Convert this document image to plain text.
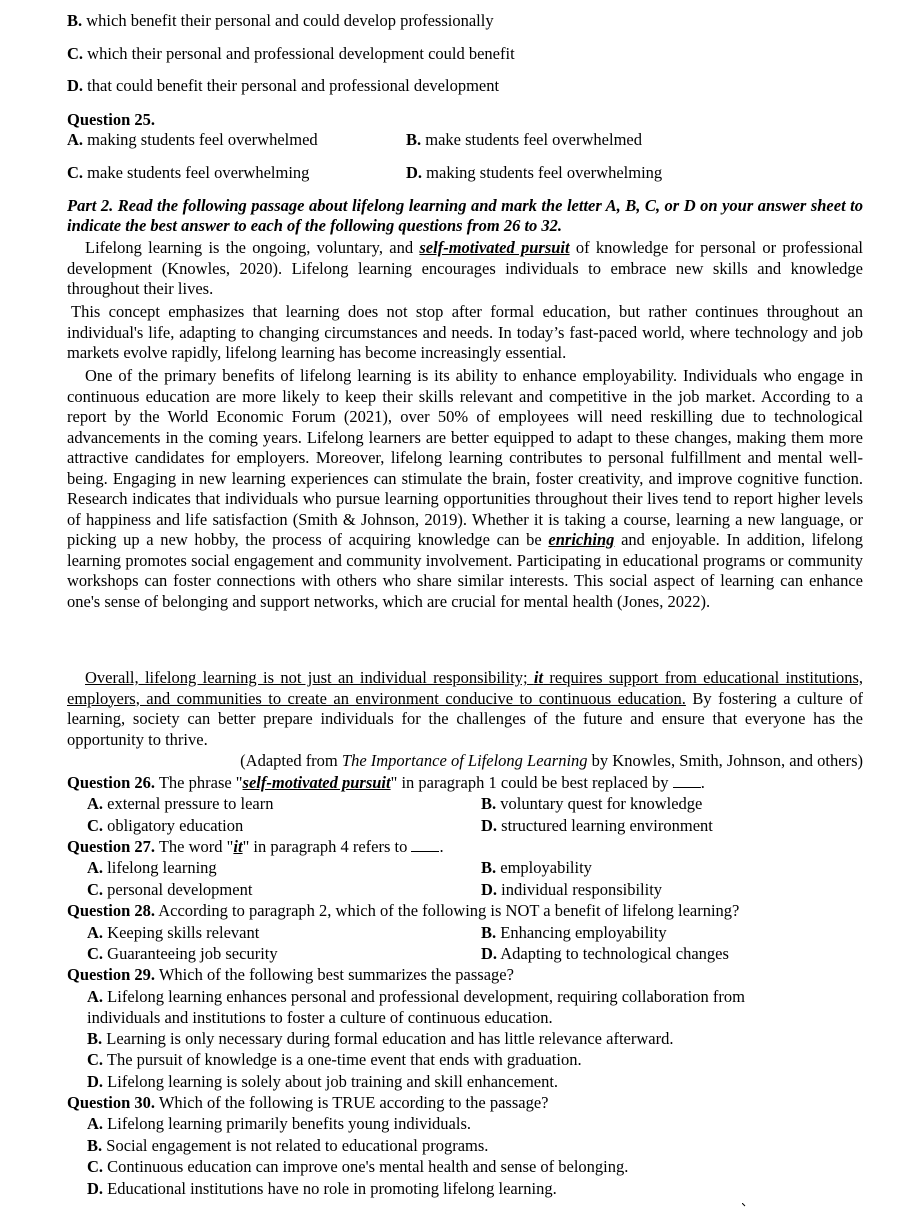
B. which benefit their personal and could develop professionally
C. which their personal and professional development could benefit
D. that could benefit their personal and professional development
Question 25.
A. making students feel overwhelmed	B. make students feel overwhelmed
C. make students feel overwhelming	D. making students feel overwhelming
Part 2. Read the following passage about lifelong learning and mark the letter A, B, C, or D on your answer sheet to indicate the best answer to each of the following questions from 26 to 32.
Lifelong learning is the ongoing, voluntary, and self-motivated pursuit of knowledge for personal or professional development (Knowles, 2020). Lifelong learning encourages individuals to embrace new skills and knowledge throughout their lives.
This concept emphasizes that learning does not stop after formal education, but rather continues throughout an individual's life, adapting to changing circumstances and needs. In today’s fast-paced world, where technology and job markets evolve rapidly, lifelong learning has become increasingly essential.
One of the primary benefits of lifelong learning is its ability to enhance employability. Individuals who engage in continuous education are more likely to keep their skills relevant and competitive in the job market. According to a report by the World Economic Forum (2021), over 50% of employees will need reskilling due to technological advancements in the coming years. Lifelong learners are better equipped to adapt to these changes, making them more attractive candidates for employers. Moreover, lifelong learning contributes to personal fulfillment and mental well-being. Engaging in new learning experiences can stimulate the brain, foster creativity, and improve cognitive function. Research indicates that individuals who pursue learning opportunities throughout their lives tend to report higher levels of happiness and life satisfaction (Smith & Johnson, 2019). Whether it is taking a course, learning a new language, or picking up a new hobby, the process of acquiring knowledge can be enriching and enjoyable. In addition, lifelong learning promotes social engagement and community involvement. Participating in educational programs or community workshops can foster connections with others who share similar interests. This social aspect of learning can enhance one's sense of belonging and support networks, which are crucial for mental health (Jones, 2022).
Overall, lifelong learning is not just an individual responsibility; it requires support from educational institutions, employers, and communities to create an environment conducive to continuous education. By fostering a culture of learning, society can better prepare individuals for the challenges of the future and ensure that everyone has the opportunity to thrive.
(Adapted from The Importance of Lifelong Learning by Knowles, Smith, Johnson, and others)
Question 26. The phrase "self-motivated pursuit" in paragraph 1 could be best replaced by .
A. external pressure to learn	B. voluntary quest for knowledge
C. obligatory education	D. structured learning environment
Question 27. The word "it" in paragraph 4 refers to .
A. lifelong learning	B. employability
C. personal development	D. individual responsibility
Question 28. According to paragraph 2, which of the following is NOT a benefit of lifelong learning?
A. Keeping skills relevant	B. Enhancing employability
C. Guaranteeing job security	D. Adapting to technological changes
Question 29. Which of the following best summarizes the passage?
A. Lifelong learning enhances personal and professional development, requiring collaboration from
individuals and institutions to foster a culture of continuous education.
B. Learning is only necessary during formal education and has little relevance afterward.
C. The pursuit of knowledge is a one-time event that ends with graduation.
D. Lifelong learning is solely about job training and skill enhancement.
Question 30. Which of the following is TRUE according to the passage?
A. Lifelong learning primarily benefits young individuals.
B. Social engagement is not related to educational programs.
C. Continuous education can improve one's mental health and sense of belonging.
D. Educational institutions have no role in promoting lifelong learning.
